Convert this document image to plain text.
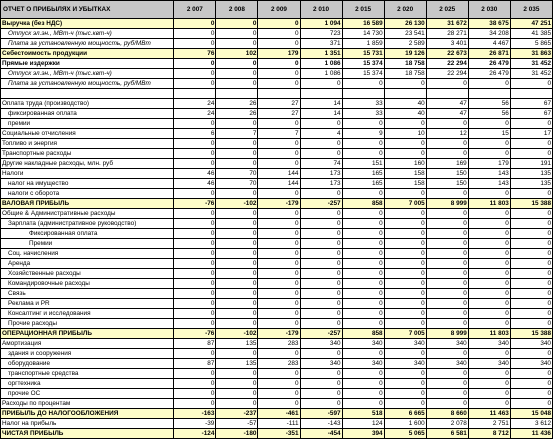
ОТЧЕТ О ПРИБЫЛЯХ И УБЫТКАХ	2 007	2 008	2 009	2 010	2 015	2 020	2 025	2 030	2 035
Выручка (без НДС)	0	0	0	1 094	16 589	26 130	31 672	38 675	47 251
Отпуск эл.эн., МВт-ч (тыс.квт-ч)	0	0	0	723	14 730	23 541	28 271	34 208	41 385
Плата за установленную мощность, руб/МВт	0	0	0	371	1 859	2 589	3 401	4 467	5 865
Себестоимость продукции	76	102	179	1 351	15 731	19 126	22 673	26 871	31 863
Прямые издержки	0	0	0	1 086	15 374	18 758	22 294	26 479	31 452
Отпуск эл.эн., МВт-ч (тыс.квт-ч)	0	0	0	1 086	15 374	18 758	22 294	26 479	31 452
Плата за установленную мощность, руб/МВт	0	0	0	0	0	0	0	0	0

Оплата труда (производство)	24	26	27	14	33	40	47	56	67
фиксированная оплата	24	26	27	14	33	40	47	56	67
премии	0	0	0	0	0	0	0	0	0
Социальные отчисления	6	7	7	4	9	10	12	15	17
Топливо и энергия	0	0	0	0	0	0	0	0	0
Транспортные расходы	0	0	0	0	0	0	0	0	0
Другие накладные расходы, млн. руб	0	0	0	74	151	160	169	179	191
Налоги	46	70	144	173	165	158	150	143	135
налог на имущество	46	70	144	173	165	158	150	143	135
налоги с оборота	0	0	0	0	0	0	0	0	0
ВАЛОВАЯ ПРИБЫЛЬ	-76	-102	-179	-257	858	7 005	8 999	11 803	15 388
Общие & Административные расходы	0	0	0	0	0	0	0	0	0
Зарплата (административное руководство)	0	0	0	0	0	0	0	0	0
Фиксированная оплата	0	0	0	0	0	0	0	0	0
Премии	0	0	0	0	0	0	0	0	0
Соц. начисления	0	0	0	0	0	0	0	0	0
Аренда	0	0	0	0	0	0	0	0	0
Хозяйственные расходы	0	0	0	0	0	0	0	0	0
Командировочные расходы	0	0	0	0	0	0	0	0	0
Связь	0	0	0	0	0	0	0	0	0
Реклама и PR	0	0	0	0	0	0	0	0	0
Консалтинг и исследования	0	0	0	0	0	0	0	0	0
Прочие расходы	0	0	0	0	0	0	0	0	0
ОПЕРАЦИОННАЯ ПРИБЫЛЬ	-76	-102	-179	-257	858	7 005	8 999	11 803	15 388
Амортизация	87	135	283	340	340	340	340	340	340
здания и сооружения	0	0	0	0	0	0	0	0	0
оборудование	87	135	283	340	340	340	340	340	340
транспортные средства	0	0	0	0	0	0	0	0	0
оргтехника	0	0	0	0	0	0	0	0	0
прочие ОС	0	0	0	0	0	0	0	0	0
Расходы по процентам	0	0	0	0	0	0	0	0	0
ПРИБЫЛЬ ДО НАЛОГООБЛОЖЕНИЯ	-163	-237	-461	-597	518	6 665	8 660	11 463	15 048
Налог на прибыль	-39	-57	-111	-143	124	1 600	2 078	2 751	3 612
ЧИСТАЯ ПРИБЫЛЬ	-124	-180	-351	-454	394	5 065	6 581	8 712	11 436
